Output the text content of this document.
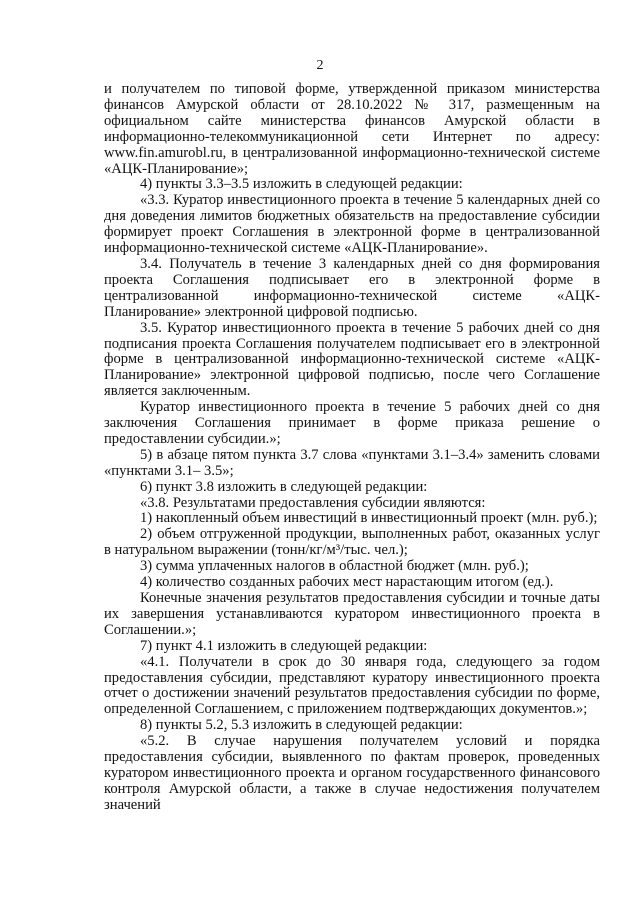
2

и получателем по типовой форме, утвержденной приказом министерства финансов Амурской области от 28.10.2022 № 317, размещенным на официальном сайте министерства финансов Амурской области в информационно-телекоммуникационной сети Интернет по адресу: www.fin.amurobl.ru, в централизованной информационно-технической системе «АЦК-Планирование»;

4) пункты 3.3–3.5 изложить в следующей редакции:

«3.3. Куратор инвестиционного проекта в течение 5 календарных дней со дня доведения лимитов бюджетных обязательств на предоставление субсидии формирует проект Соглашения в электронной форме в централизованной информационно-технической системе «АЦК-Планирование».

3.4. Получатель в течение 3 календарных дней со дня формирования проекта Соглашения подписывает его в электронной форме в централизованной информационно-технической системе «АЦК-Планирование» электронной цифровой подписью.

3.5. Куратор инвестиционного проекта в течение 5 рабочих дней со дня подписания проекта Соглашения получателем подписывает его в электронной форме в централизованной информационно-технической системе «АЦК-Планирование» электронной цифровой подписью, после чего Соглашение является заключенным.

Куратор инвестиционного проекта в течение 5 рабочих дней со дня заключения Соглашения принимает в форме приказа решение о предоставлении субсидии.»;

5) в абзаце пятом пункта 3.7 слова «пунктами 3.1–3.4» заменить словами «пунктами 3.1– 3.5»;

6) пункт 3.8 изложить в следующей редакции:

«3.8. Результатами предоставления субсидии являются:

1) накопленный объем инвестиций в инвестиционный проект (млн. руб.);

2) объем отгруженной продукции, выполненных работ, оказанных услуг в натуральном выражении (тонн/кг/м³/тыс. чел.);

3) сумма уплаченных налогов в областной бюджет (млн. руб.);

4) количество созданных рабочих мест нарастающим итогом (ед.).

Конечные значения результатов предоставления субсидии и точные даты их завершения устанавливаются куратором инвестиционного проекта в Соглашении.»;

7) пункт 4.1 изложить в следующей редакции:

«4.1. Получатели в срок до 30 января года, следующего за годом предоставления субсидии, представляют куратору инвестиционного проекта отчет о достижении значений результатов предоставления субсидии по форме, определенной Соглашением, с приложением подтверждающих документов.»;

8) пункты 5.2, 5.3 изложить в следующей редакции:

«5.2. В случае нарушения получателем условий и порядка предоставления субсидии, выявленного по фактам проверок, проведенных куратором инвестиционного проекта и органом государственного финансового контроля Амурской области, а также в случае недостижения получателем значений
